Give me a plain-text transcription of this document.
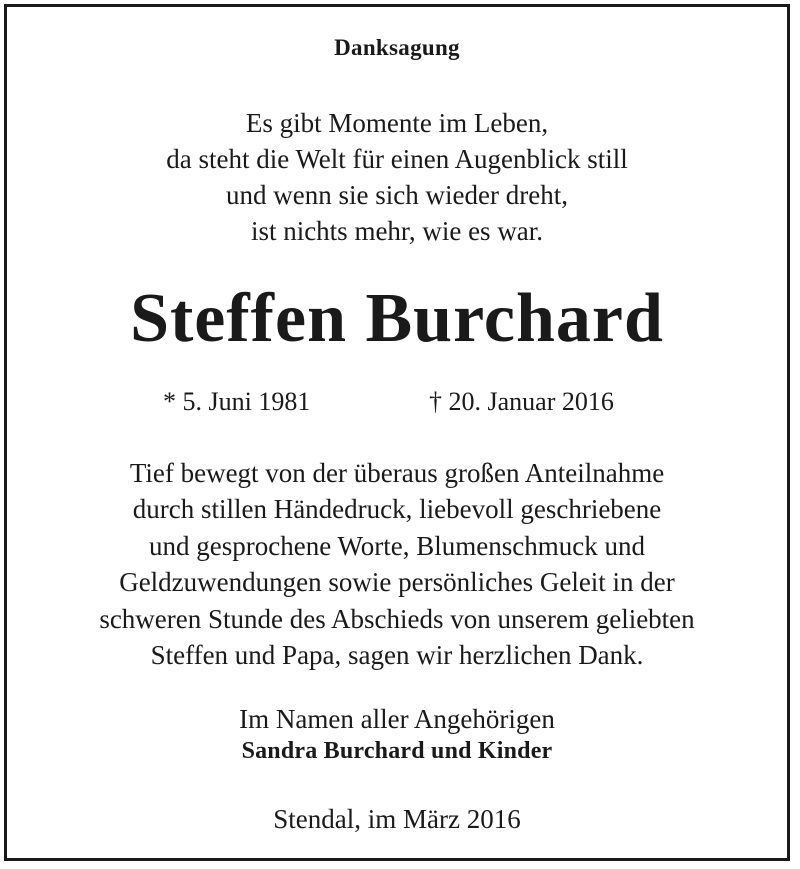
Danksagung
Es gibt Momente im Leben,
da steht die Welt für einen Augenblick still
und wenn sie sich wieder dreht,
ist nichts mehr, wie es war.
Steffen Burchard
* 5. Juni 1981	† 20. Januar 2016
Tief bewegt von der überaus großen Anteilnahme
durch stillen Händedruck, liebevoll geschriebene
und gesprochene Worte, Blumenschmuck und
Geldzuwendungen sowie persönliches Geleit in der
schweren Stunde des Abschieds von unserem geliebten
Steffen und Papa, sagen wir herzlichen Dank.
Im Namen aller Angehörigen
Sandra Burchard und Kinder
Stendal, im März 2016
